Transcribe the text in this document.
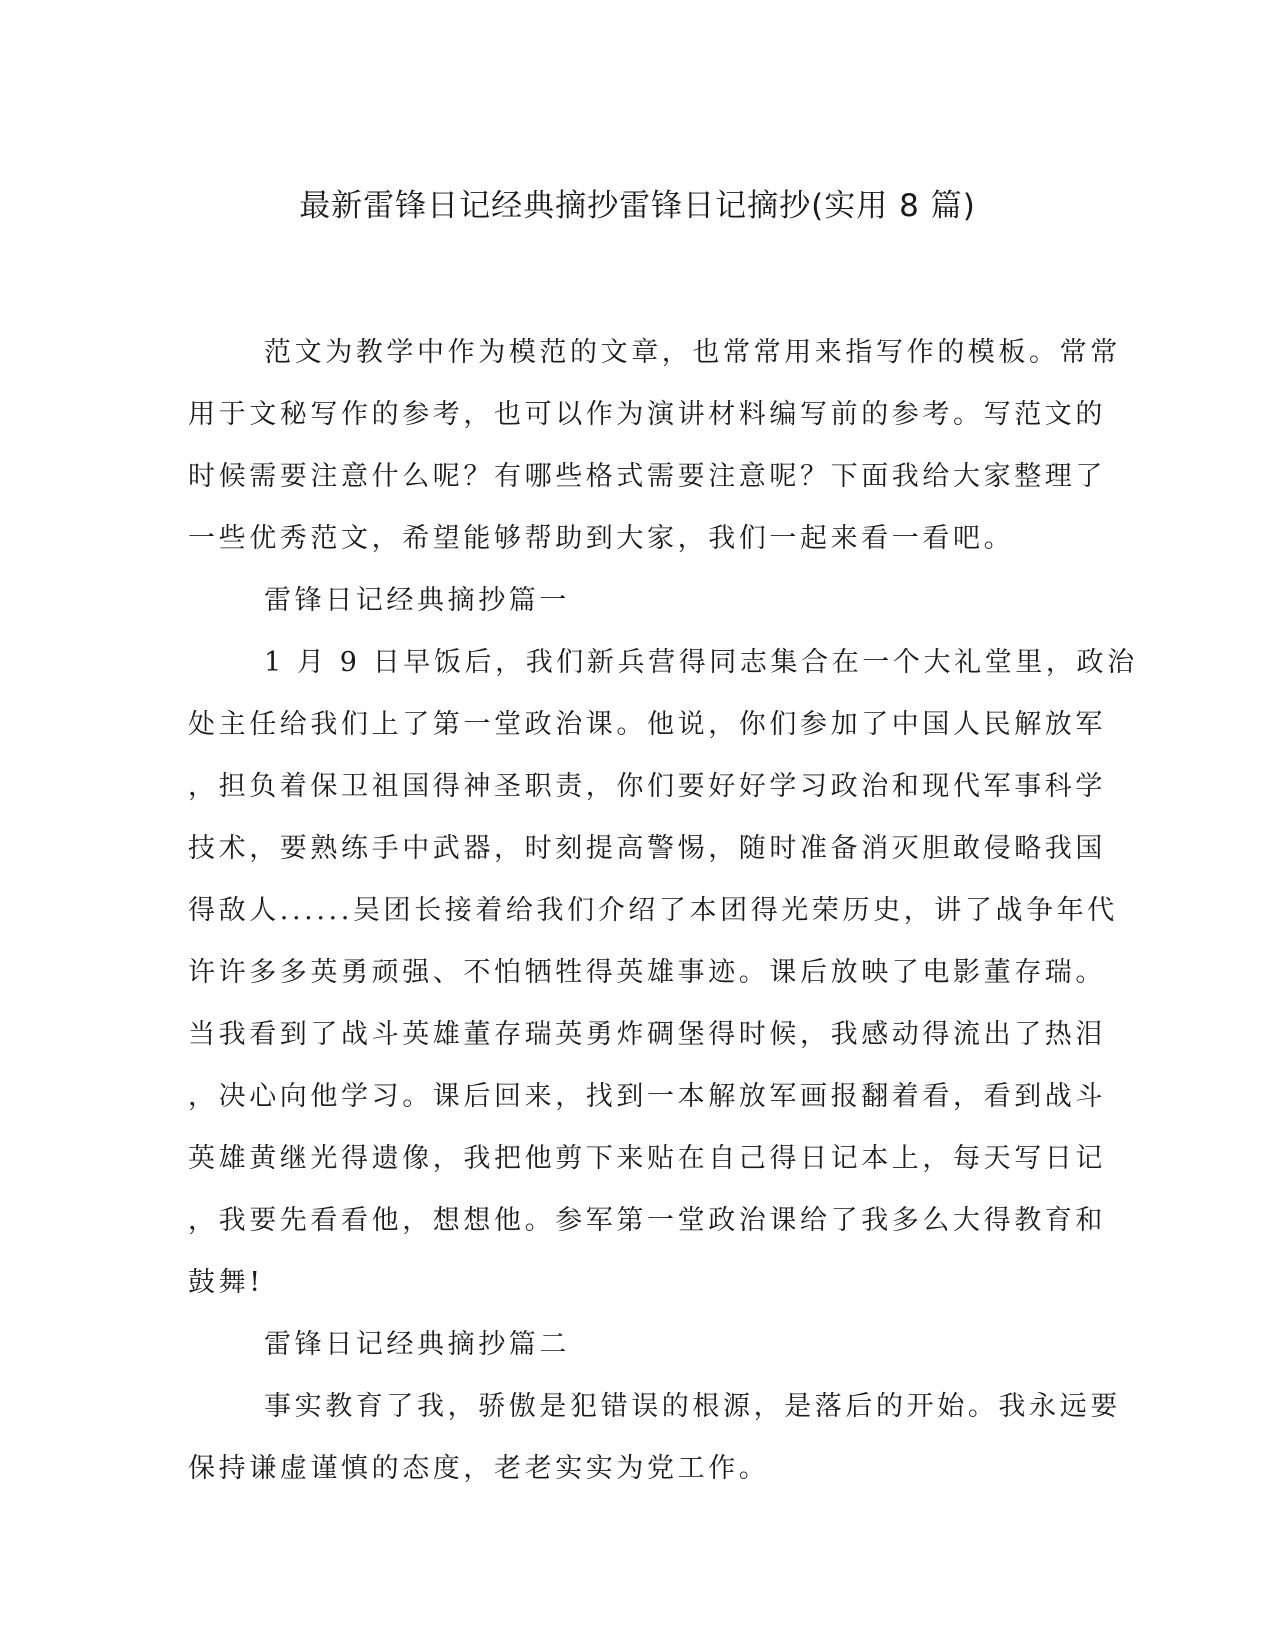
最新雷锋日记经典摘抄雷锋日记摘抄(实用 8 篇)
范文为教学中作为模范的文章，也常常用来指写作的模板。常常
用于文秘写作的参考，也可以作为演讲材料编写前的参考。写范文的
时候需要注意什么呢？有哪些格式需要注意呢？下面我给大家整理了
一些优秀范文，希望能够帮助到大家，我们一起来看一看吧。
雷锋日记经典摘抄篇一
1 月 9 日早饭后，我们新兵营得同志集合在一个大礼堂里，政治
处主任给我们上了第一堂政治课。他说，你们参加了中国人民解放军
，担负着保卫祖国得神圣职责，你们要好好学习政治和现代军事科学
技术，要熟练手中武器，时刻提高警惕，随时准备消灭胆敢侵略我国
得敌人......吴团长接着给我们介绍了本团得光荣历史，讲了战争年代
许许多多英勇顽强、不怕牺牲得英雄事迹。课后放映了电影董存瑞。
当我看到了战斗英雄董存瑞英勇炸碉堡得时候，我感动得流出了热泪
，决心向他学习。课后回来，找到一本解放军画报翻着看，看到战斗
英雄黄继光得遗像，我把他剪下来贴在自己得日记本上，每天写日记
，我要先看看他，想想他。参军第一堂政治课给了我多么大得教育和
鼓舞!
雷锋日记经典摘抄篇二
事实教育了我，骄傲是犯错误的根源，是落后的开始。我永远要
保持谦虚谨慎的态度，老老实实为党工作。
